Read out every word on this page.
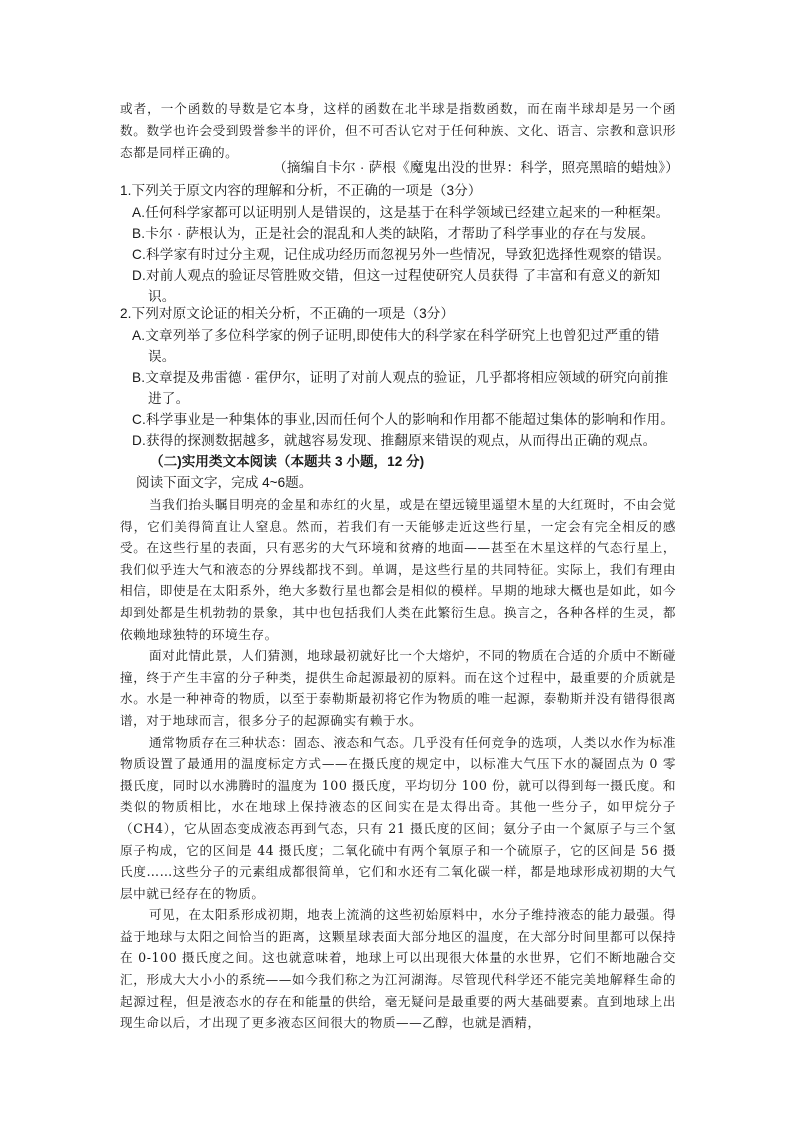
或者，一个函数的导数是它本身，这样的函数在北半球是指数函数，而在南半球却是另一个函数。数学也许会受到毁誉参半的评价，但不可否认它对于任何种族、文化、语言、宗教和意识形态都是同样正确的。
（摘编自卡尔 · 萨根《魔鬼出没的世界：科学，照亮黑暗的蜡烛》）
1.下列关于原文内容的理解和分析，不正确的一项是（3分）
A.任何科学家都可以证明别人是错误的，这是基于在科学领域已经建立起来的一种框架。
B.卡尔 · 萨根认为，正是社会的混乱和人类的缺陷，才帮助了科学事业的存在与发展。
C.科学家有时过分主观，记住成功经历而忽视另外一些情况，导致犯选择性观察的错误。
D.对前人观点的验证尽管胜败交错，但这一过程使研究人员获得 了丰富和有意义的新知
识。
2.下列对原文论证的相关分析，不正确的一项是（3分）
A.文章列举了多位科学家的例子证明,即使伟大的科学家在科学研究上也曾犯过严重的错
误。
B.文章提及弗雷德 · 霍伊尔，证明了对前人观点的验证，几乎都将相应领域的研究向前推
进了。
C.科学事业是一种集体的事业,因而任何个人的影响和作用都不能超过集体的影响和作用。
D.获得的探测数据越多，就越容易发现、推翻原来错误的观点，从而得出正确的观点。
（二)实用类文本阅读（本题共 3 小题，12 分)
阅读下面文字，完成 4~6题。

当我们抬头瞩目明亮的金星和赤红的火星，或是在望远镜里遥望木星的大红斑时，不由会觉得，它们美得简直让人窒息。然而，若我们有一天能够走近这些行星，一定会有完全相反的感受。在这些行星的表面，只有恶劣的大气环境和贫瘠的地面——甚至在木星这样的气态行星上，我们似乎连大气和液态的分界线都找不到。单调，是这些行星的共同特征。实际上，我们有理由相信，即使是在太阳系外，绝大多数行星也都会是相似的模样。早期的地球大概也是如此，如今却到处都是生机勃勃的景象，其中也包括我们人类在此繁衍生息。换言之，各种各样的生灵，都依赖地球独特的环境生存。

面对此情此景，人们猜测，地球最初就好比一个大熔炉，不同的物质在合适的介质中不断碰撞，终于产生丰富的分子种类，提供生命起源最初的原料。而在这个过程中，最重要的介质就是水。水是一种神奇的物质，以至于泰勒斯最初将它作为物质的唯一起源，泰勒斯并没有错得很离谱，对于地球而言，很多分子的起源确实有赖于水。

通常物质存在三种状态：固态、液态和气态。几乎没有任何竞争的选项，人类以水作为标准物质设置了最通用的温度标定方式——在摄氏度的规定中，以标准大气压下水的凝固点为 0 零摄氏度，同时以水沸腾时的温度为 100 摄氏度，平均切分 100 份，就可以得到每一摄氏度。和类似的物质相比，水在地球上保持液态的区间实在是太得出奇。其他一些分子，如甲烷分子（CH4），它从固态变成液态再到气态，只有 21 摄氏度的区间；氨分子由一个氮原子与三个氢原子构成，它的区间是 44 摄氏度；二氧化硫中有两个氧原子和一个硫原子，它的区间是 56 摄氏度……这些分子的元素组成都很简单，它们和水还有二氧化碳一样，都是地球形成初期的大气层中就已经存在的物质。

可见，在太阳系形成初期，地表上流淌的这些初始原料中，水分子维持液态的能力最强。得益于地球与太阳之间恰当的距离，这颗星球表面大部分地区的温度，在大部分时间里都可以保持在 0-100 摄氏度之间。这也就意味着，地球上可以出现很大体量的水世界，它们不断地融合交汇，形成大大小小的系统——如今我们称之为江河湖海。尽管现代科学还不能完美地解释生命的起源过程，但是液态水的存在和能量的供给，毫无疑问是最重要的两大基础要素。直到地球上出现生命以后，才出现了更多液态区间很大的物质——乙醇，也就是酒精，
